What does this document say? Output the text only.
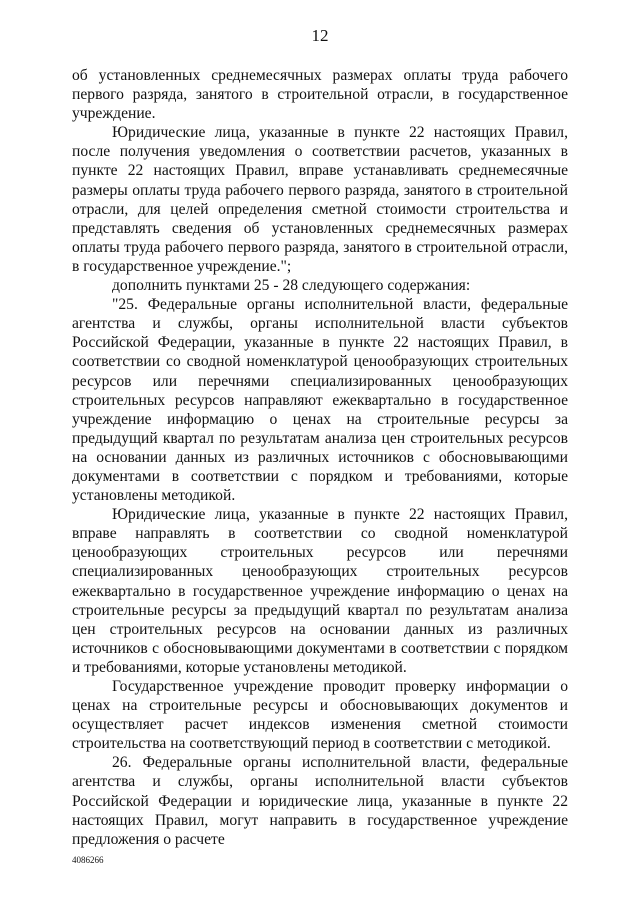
12

об установленных среднемесячных размерах оплаты труда рабочего первого разряда, занятого в строительной отрасли, в государственное учреждение.

Юридические лица, указанные в пункте 22 настоящих Правил, после получения уведомления о соответствии расчетов, указанных в пункте 22 настоящих Правил, вправе устанавливать среднемесячные размеры оплаты труда рабочего первого разряда, занятого в строительной отрасли, для целей определения сметной стоимости строительства и представлять сведения об установленных среднемесячных размерах оплаты труда рабочего первого разряда, занятого в строительной отрасли, в государственное учреждение.";

дополнить пунктами 25 - 28 следующего содержания:

"25. Федеральные органы исполнительной власти, федеральные агентства и службы, органы исполнительной власти субъектов Российской Федерации, указанные в пункте 22 настоящих Правил, в соответствии со сводной номенклатурой ценообразующих строительных ресурсов или перечнями специализированных ценообразующих строительных ресурсов направляют ежеквартально в государственное учреждение информацию о ценах на строительные ресурсы за предыдущий квартал по результатам анализа цен строительных ресурсов на основании данных из различных источников с обосновывающими документами в соответствии с порядком и требованиями, которые установлены методикой.

Юридические лица, указанные в пункте 22 настоящих Правил, вправе направлять в соответствии со сводной номенклатурой ценообразующих строительных ресурсов или перечнями специализированных ценообразующих строительных ресурсов ежеквартально в государственное учреждение информацию о ценах на строительные ресурсы за предыдущий квартал по результатам анализа цен строительных ресурсов на основании данных из различных источников с обосновывающими документами в соответствии с порядком и требованиями, которые установлены методикой.

Государственное учреждение проводит проверку информации о ценах на строительные ресурсы и обосновывающих документов и осуществляет расчет индексов изменения сметной стоимости строительства на соответствующий период в соответствии с методикой.

26. Федеральные органы исполнительной власти, федеральные агентства и службы, органы исполнительной власти субъектов Российской Федерации и юридические лица, указанные в пункте 22 настоящих Правил, могут направить в государственное учреждение предложения о расчете

4086266
